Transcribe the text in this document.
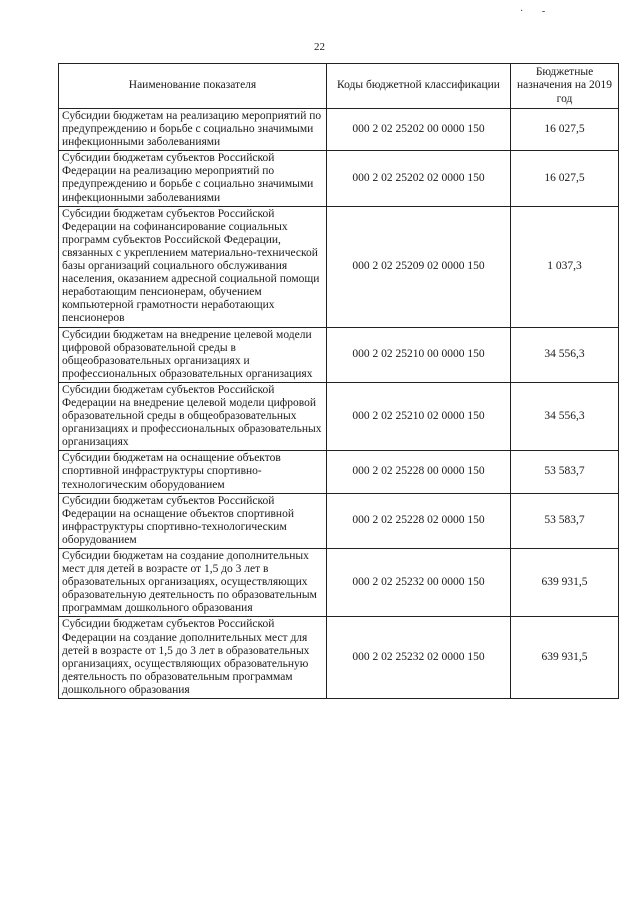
· -
22
Наименование показателя	Коды бюджетной классификации	Бюджетные назначения на 2019 год
Субсидии бюджетам на реализацию мероприятий по предупреждению и борьбе с социально значимыми инфекционными заболеваниями	000 2 02 25202 00 0000 150	16 027,5
Субсидии бюджетам субъектов Российской Федерации на реализацию мероприятий по предупреждению и борьбе с социально значимыми инфекционными заболеваниями	000 2 02 25202 02 0000 150	16 027,5
Субсидии бюджетам субъектов Российской Федерации на софинансирование социальных программ субъектов Российской Федерации, связанных с укреплением материально-технической базы организаций социального обслуживания населения, оказанием адресной социальной помощи неработающим пенсионерам, обучением компьютерной грамотности неработающих пенсионеров	000 2 02 25209 02 0000 150	1 037,3
Субсидии бюджетам на внедрение целевой модели цифровой образовательной среды в общеобразовательных организациях и профессиональных образовательных организациях	000 2 02 25210 00 0000 150	34 556,3
Субсидии бюджетам субъектов Российской Федерации на внедрение целевой модели цифровой образовательной среды в общеобразовательных организациях и профессиональных образовательных организациях	000 2 02 25210 02 0000 150	34 556,3
Субсидии бюджетам на оснащение объектов спортивной инфраструктуры спортивно-технологическим оборудованием	000 2 02 25228 00 0000 150	53 583,7
Субсидии бюджетам субъектов Российской Федерации на оснащение объектов спортивной инфраструктуры спортивно-технологическим оборудованием	000 2 02 25228 02 0000 150	53 583,7
Субсидии бюджетам на создание дополнительных мест для детей в возрасте от 1,5 до 3 лет в образовательных организациях, осуществляющих образовательную деятельность по образовательным программам дошкольного образования	000 2 02 25232 00 0000 150	639 931,5
Субсидии бюджетам субъектов Российской Федерации на создание дополнительных мест для детей в возрасте от 1,5 до 3 лет в образовательных организациях, осуществляющих образовательную деятельность по образовательным программам дошкольного образования	000 2 02 25232 02 0000 150	639 931,5
